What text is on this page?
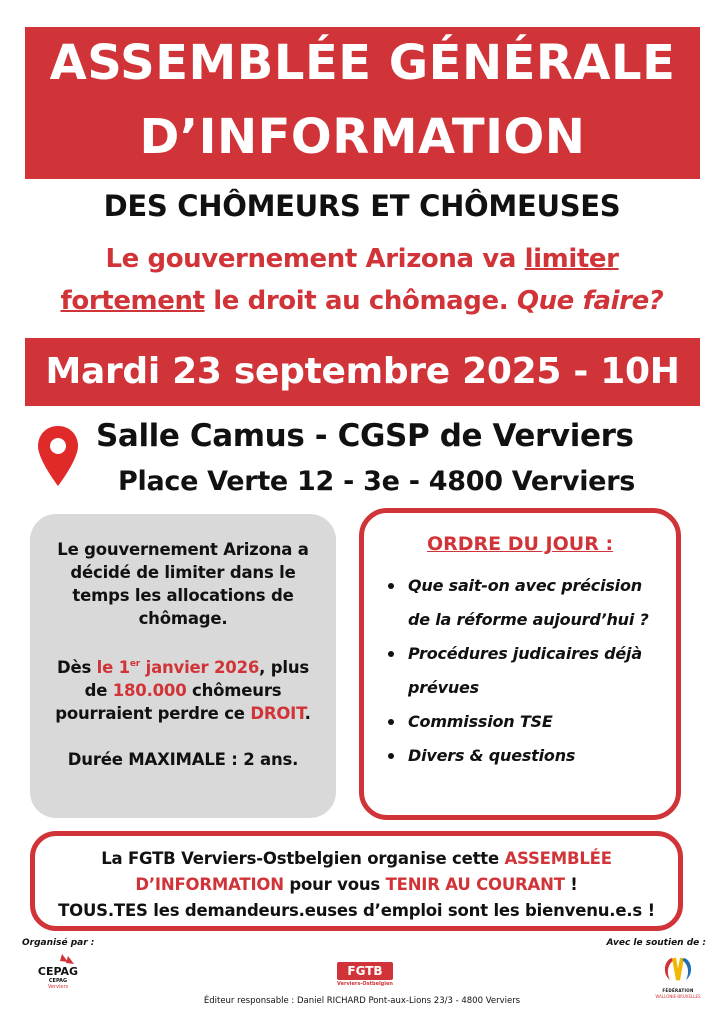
ASSEMBLÉE GÉNÉRALE
D’INFORMATION
DES CHÔMEURS ET CHÔMEUSES
Le gouvernement Arizona va limiter
fortement le droit au chômage. Que faire?
Mardi 23 septembre 2025 - 10H
Salle Camus - CGSP de Verviers
Place Verte 12 - 3e - 4800 Verviers

Le gouvernement Arizona a décidé de limiter dans le temps les allocations de chômage.

Dès le 1er janvier 2026, plus de 180.000 chômeurs pourraient perdre ce DROIT.

Durée MAXIMALE : 2 ans.

ORDRE DU JOUR :
Que sait-on avec précision de la réforme aujourd’hui ?
Procédures judicaires déjà prévues
Commission TSE
Divers & questions
La FGTB Verviers-Ostbelgien organise cette ASSEMBLÉE D’INFORMATION pour vous TENIR AU COURANT !
TOUS.TES les demandeurs.euses d’emploi sont les bienvenu.e.s !
Organisé par :
CEPAG
CEPAG
Verviers
FGTB
Verviers-Ostbelgien
Avec le soutien de :
FÉDÉRATION
WALLONIE-BRUXELLES
Éditeur responsable : Daniel RICHARD Pont-aux-Lions 23/3 - 4800 Verviers
